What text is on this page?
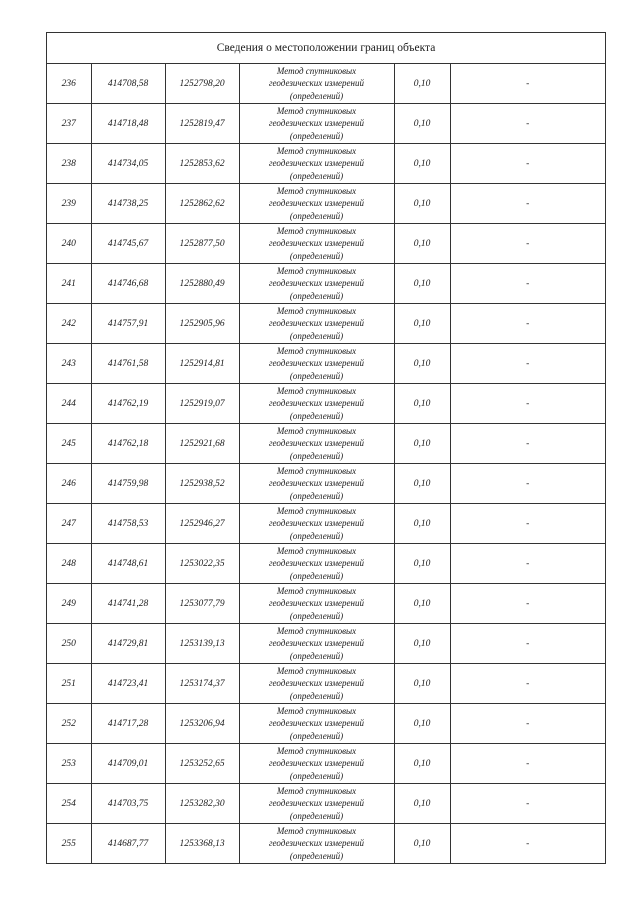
Сведения о местоположении границ объекта
236	414708,58	1252798,20	Метод спутниковых
геодезических измерений
(определений)	0,10	-
237	414718,48	1252819,47	Метод спутниковых
геодезических измерений
(определений)	0,10	-
238	414734,05	1252853,62	Метод спутниковых
геодезических измерений
(определений)	0,10	-
239	414738,25	1252862,62	Метод спутниковых
геодезических измерений
(определений)	0,10	-
240	414745,67	1252877,50	Метод спутниковых
геодезических измерений
(определений)	0,10	-
241	414746,68	1252880,49	Метод спутниковых
геодезических измерений
(определений)	0,10	-
242	414757,91	1252905,96	Метод спутниковых
геодезических измерений
(определений)	0,10	-
243	414761,58	1252914,81	Метод спутниковых
геодезических измерений
(определений)	0,10	-
244	414762,19	1252919,07	Метод спутниковых
геодезических измерений
(определений)	0,10	-
245	414762,18	1252921,68	Метод спутниковых
геодезических измерений
(определений)	0,10	-
246	414759,98	1252938,52	Метод спутниковых
геодезических измерений
(определений)	0,10	-
247	414758,53	1252946,27	Метод спутниковых
геодезических измерений
(определений)	0,10	-
248	414748,61	1253022,35	Метод спутниковых
геодезических измерений
(определений)	0,10	-
249	414741,28	1253077,79	Метод спутниковых
геодезических измерений
(определений)	0,10	-
250	414729,81	1253139,13	Метод спутниковых
геодезических измерений
(определений)	0,10	-
251	414723,41	1253174,37	Метод спутниковых
геодезических измерений
(определений)	0,10	-
252	414717,28	1253206,94	Метод спутниковых
геодезических измерений
(определений)	0,10	-
253	414709,01	1253252,65	Метод спутниковых
геодезических измерений
(определений)	0,10	-
254	414703,75	1253282,30	Метод спутниковых
геодезических измерений
(определений)	0,10	-
255	414687,77	1253368,13	Метод спутниковых
геодезических измерений
(определений)	0,10	-
